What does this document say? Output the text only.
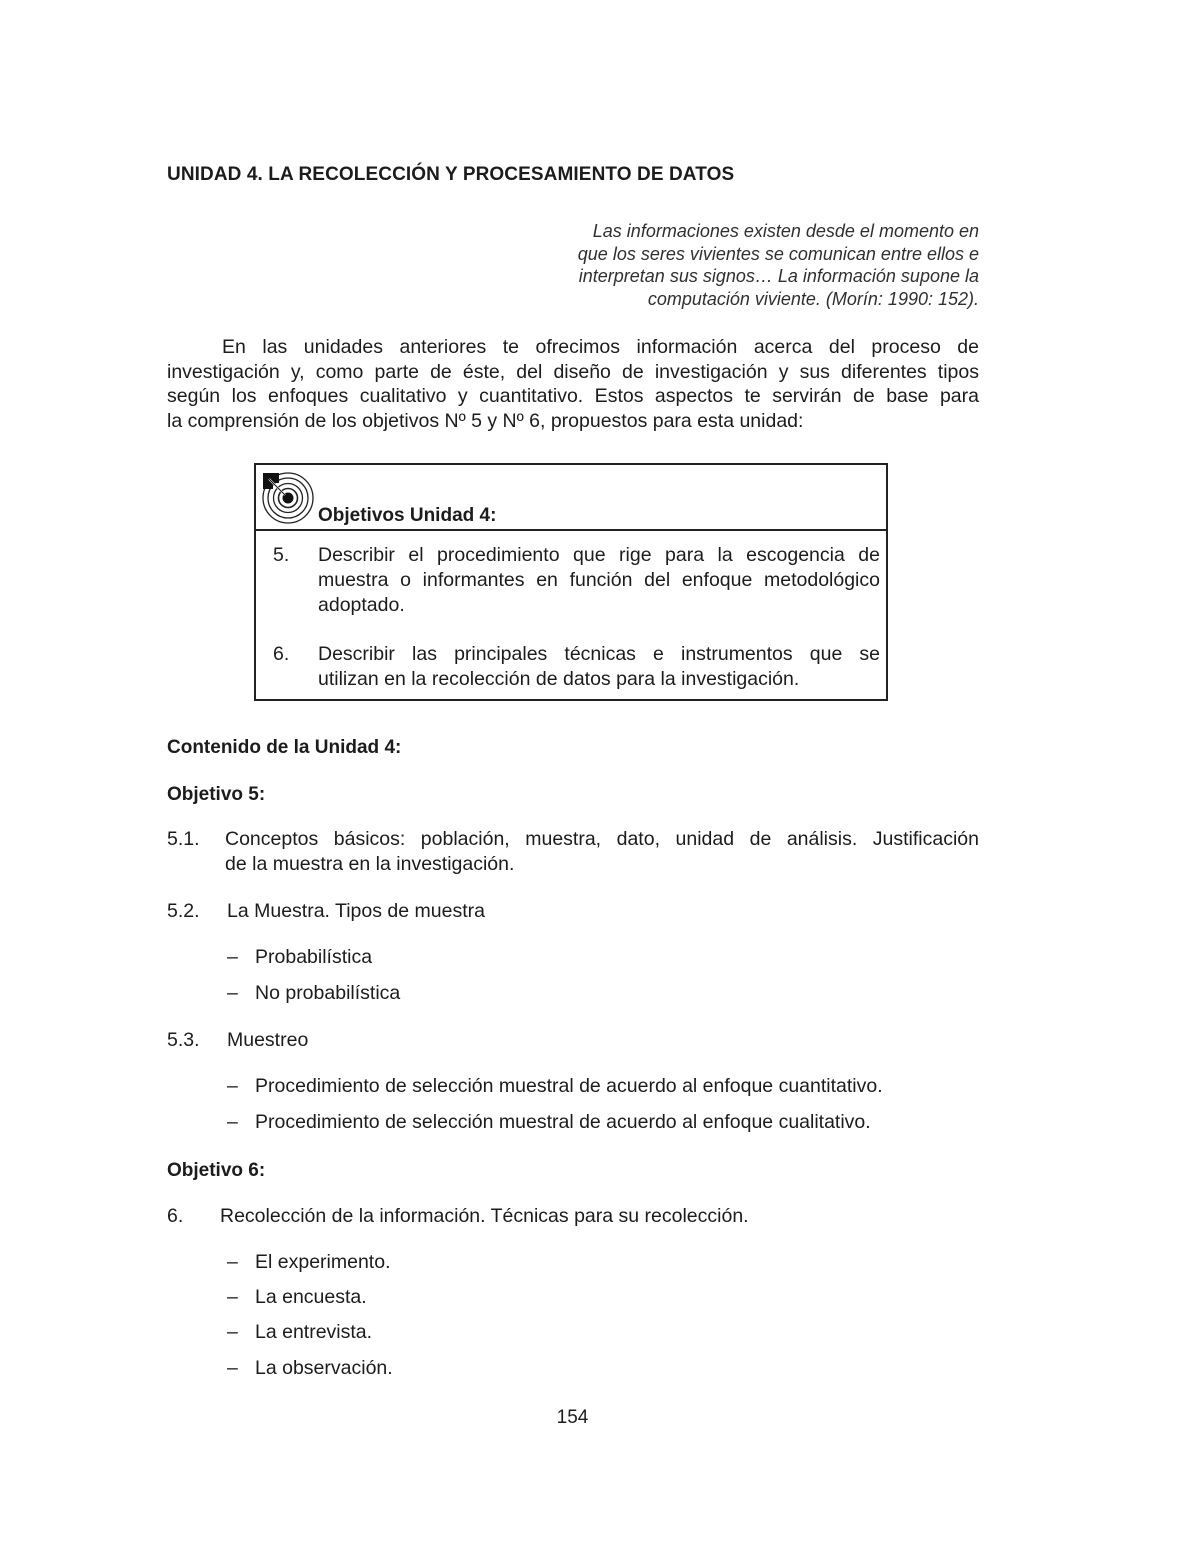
UNIDAD 4. LA RECOLECCIÓN Y PROCESAMIENTO DE DATOS
Las informaciones existen desde el momento en
que los seres vivientes se comunican entre ellos e
interpretan sus signos… La información supone la
computación viviente. (Morín: 1990: 152).
En las unidades anteriores te ofrecimos información acerca del proceso de
investigación y, como parte de éste, del diseño de investigación y sus diferentes tipos
según los enfoques cualitativo y cuantitativo. Estos aspectos te servirán de base para
la comprensión de los objetivos Nº 5 y Nº 6, propuestos para esta unidad:
Objetivos Unidad 4:
5. Describir el procedimiento que rige para la escogencia de
muestra o informantes en función del enfoque metodológico
adoptado.
6. Describir las principales técnicas e instrumentos que se
utilizan en la recolección de datos para la investigación.
Contenido de la Unidad 4:
Objetivo 5:
5.1. Conceptos básicos: población, muestra, dato, unidad de análisis. Justificación
de la muestra en la investigación.
5.2. La Muestra. Tipos de muestra
– Probabilística
– No probabilística
5.3. Muestreo
– Procedimiento de selección muestral de acuerdo al enfoque cuantitativo.
– Procedimiento de selección muestral de acuerdo al enfoque cualitativo.
Objetivo 6:
6. Recolección de la información. Técnicas para su recolección.
– El experimento.
– La encuesta.
– La entrevista.
– La observación.
154
